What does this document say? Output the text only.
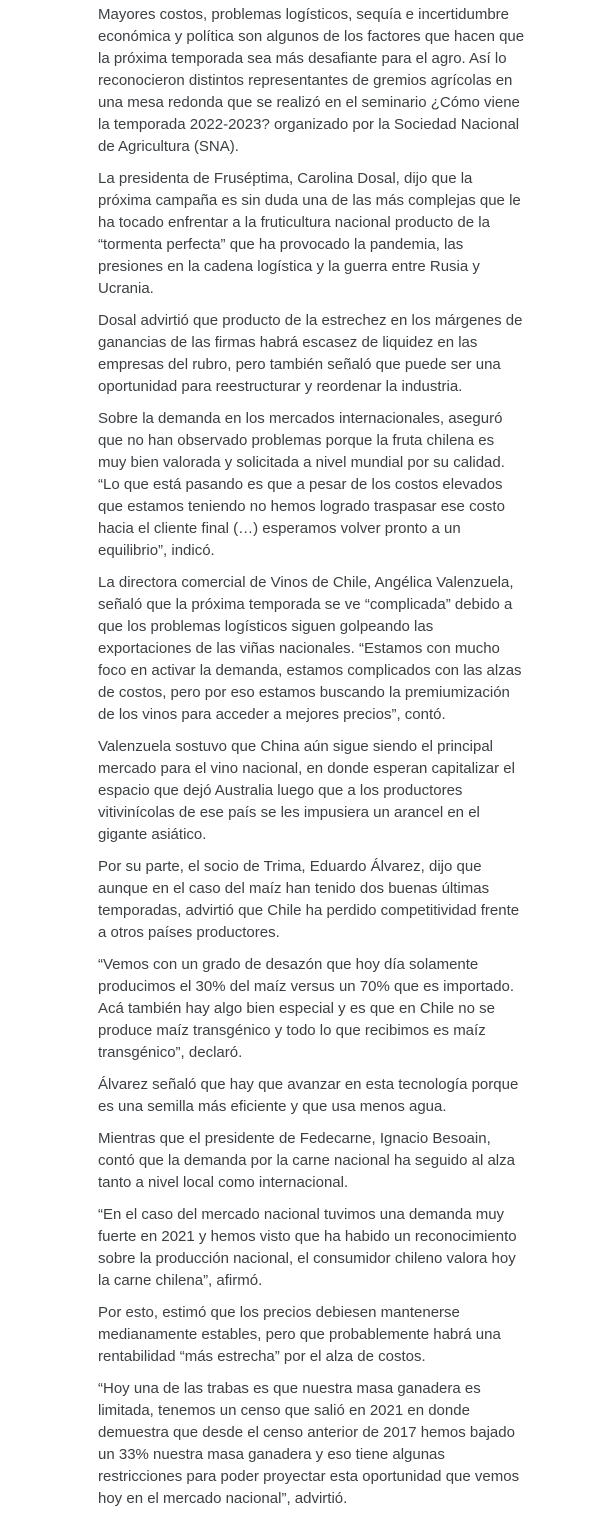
Mayores costos, problemas logísticos, sequía e incertidumbre económica y política son algunos de los factores que hacen que la próxima temporada sea más desafiante para el agro. Así lo reconocieron distintos representantes de gremios agrícolas en una mesa redonda que se realizó en el seminario ¿Cómo viene la temporada 2022-2023? organizado por la Sociedad Nacional de Agricultura (SNA).

La presidenta de Fruséptima, Carolina Dosal, dijo que la próxima campaña es sin duda una de las más complejas que le ha tocado enfrentar a la fruticultura nacional producto de la “tormenta perfecta” que ha provocado la pandemia, las presiones en la cadena logística y la guerra entre Rusia y Ucrania.

Dosal advirtió que producto de la estrechez en los márgenes de ganancias de las firmas habrá escasez de liquidez en las empresas del rubro, pero también señaló que puede ser una oportunidad para reestructurar y reordenar la industria.

Sobre la demanda en los mercados internacionales, aseguró que no han observado problemas porque la fruta chilena es muy bien valorada y solicitada a nivel mundial por su calidad. “Lo que está pasando es que a pesar de los costos elevados que estamos teniendo no hemos logrado traspasar ese costo hacia el cliente final (…) esperamos volver pronto a un equilibrio”, indicó.

La directora comercial de Vinos de Chile, Angélica Valenzuela, señaló que la próxima temporada se ve “complicada” debido a que los problemas logísticos siguen golpeando las exportaciones de las viñas nacionales. “Estamos con mucho foco en activar la demanda, estamos complicados con las alzas de costos, pero por eso estamos buscando la premiumización de los vinos para acceder a mejores precios”, contó.

Valenzuela sostuvo que China aún sigue siendo el principal mercado para el vino nacional, en donde esperan capitalizar el espacio que dejó Australia luego que a los productores vitivinícolas de ese país se les impusiera un arancel en el gigante asiático.

Por su parte, el socio de Trima, Eduardo Álvarez, dijo que aunque en el caso del maíz han tenido dos buenas últimas temporadas, advirtió que Chile ha perdido competitividad frente a otros países productores.

“Vemos con un grado de desazón que hoy día solamente producimos el 30% del maíz versus un 70% que es importado. Acá también hay algo bien especial y es que en Chile no se produce maíz transgénico y todo lo que recibimos es maíz transgénico”, declaró.

Álvarez señaló que hay que avanzar en esta tecnología porque es una semilla más eficiente y que usa menos agua.

Mientras que el presidente de Fedecarne, Ignacio Besoain, contó que la demanda por la carne nacional ha seguido al alza tanto a nivel local como internacional.

“En el caso del mercado nacional tuvimos una demanda muy fuerte en 2021 y hemos visto que ha habido un reconocimiento sobre la producción nacional, el consumidor chileno valora hoy la carne chilena”, afirmó.

Por esto, estimó que los precios debiesen mantenerse medianamente estables, pero que probablemente habrá una rentabilidad “más estrecha” por el alza de costos.

“Hoy una de las trabas es que nuestra masa ganadera es limitada, tenemos un censo que salió en 2021 en donde demuestra que desde el censo anterior de 2017 hemos bajado un 33% nuestra masa ganadera y eso tiene algunas restricciones para poder proyectar esta oportunidad que vemos hoy en el mercado nacional”, advirtió.
